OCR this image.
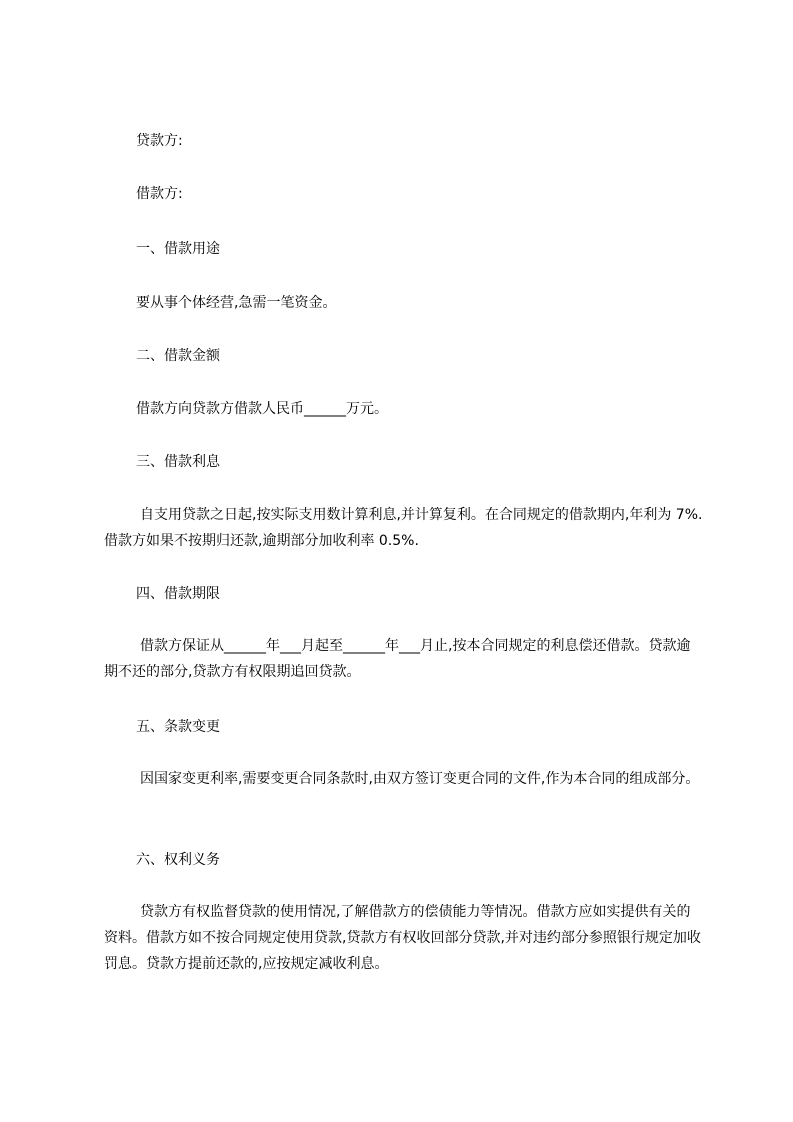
贷款方:
借款方:
一、借款用途
要从事个体经营,急需一笔资金。
二、借款金额
借款方向贷款方借款人民币______万元。
三、借款利息
自支用贷款之日起,按实际支用数计算利息,并计算复利。在合同规定的借款期内,年利为 7%.借款方如果不按期归还款,逾期部分加收利率 0.5%.
四、借款期限
借款方保证从______年___月起至______年___月止,按本合同规定的利息偿还借款。贷款逾期不还的部分,贷款方有权限期追回贷款。
五、条款变更
因国家变更利率,需要变更合同条款时,由双方签订变更合同的文件,作为本合同的组成部分。
六、权利义务
贷款方有权监督贷款的使用情况,了解借款方的偿债能力等情况。借款方应如实提供有关的资料。借款方如不按合同规定使用贷款,贷款方有权收回部分贷款,并对违约部分参照银行规定加收罚息。贷款方提前还款的,应按规定减收利息。
